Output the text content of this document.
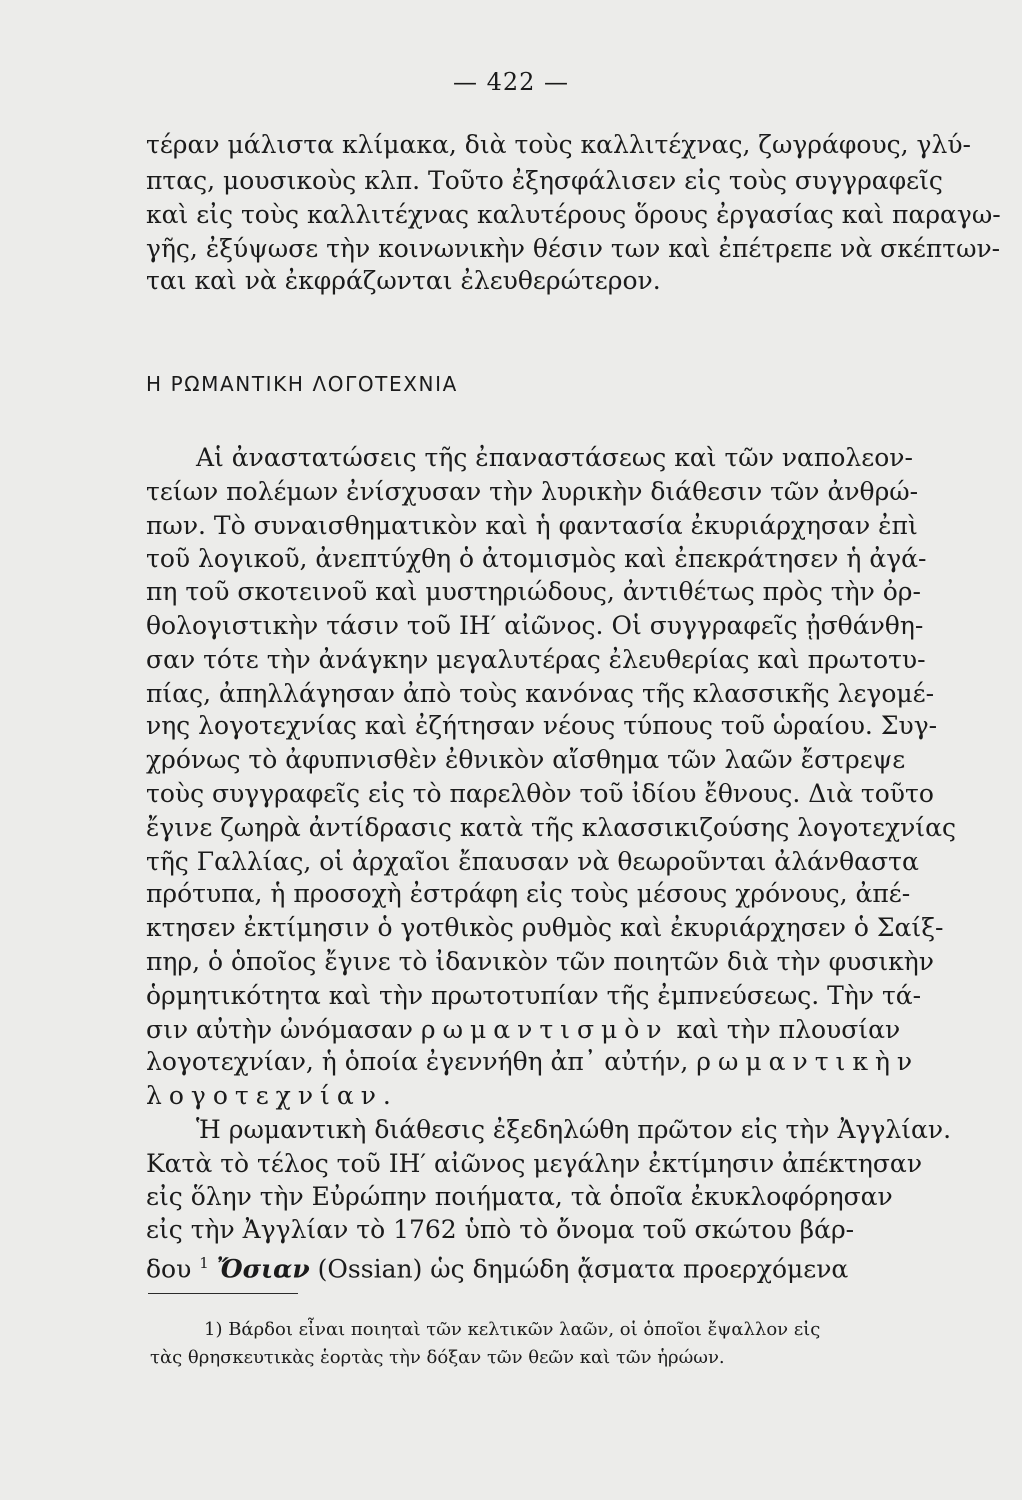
— 422 —
τέραν μάλιστα κλίμακα, διὰ τοὺς καλλιτέχνας, ζωγράφους, γλύ-
πτας, μουσικοὺς κλπ. Τοῦτο ἐξησφάλισεν εἰς τοὺς συγγραφεῖς
καὶ εἰς τοὺς καλλιτέχνας καλυτέρους ὅρους ἐργασίας καὶ παραγω-
γῆς, ἐξύψωσε τὴν κοινωνικὴν θέσιν των καὶ ἐπέτρεπε νὰ σκέπτων-
ται καὶ νὰ ἐκφράζωνται ἐλευθερώτερον.
Η ΡΩΜΑΝΤΙΚΗ ΛΟΓΟΤΕΧΝΙΑ
Αἱ ἀναστατώσεις τῆς ἐπαναστάσεως καὶ τῶν ναπολεον-
τείων πολέμων ἐνίσχυσαν τὴν λυρικὴν διάθεσιν τῶν ἀνθρώ-
πων. Τὸ συναισθηματικὸν καὶ ἡ φαντασία ἐκυριάρχησαν ἐπὶ
τοῦ λογικοῦ, ἀνεπτύχθη ὁ ἀτομισμὸς καὶ ἐπεκράτησεν ἡ ἀγά-
πη τοῦ σκοτεινοῦ καὶ μυστηριώδους, ἀντιθέτως πρὸς τὴν ὀρ-
θολογιστικὴν τάσιν τοῦ ΙΗ′ αἰῶνος. Οἱ συγγραφεῖς ᾐσθάνθη-
σαν τότε τὴν ἀνάγκην μεγαλυτέρας ἐλευθερίας καὶ πρωτοτυ-
πίας, ἀπηλλάγησαν ἀπὸ τοὺς κανόνας τῆς κλασσικῆς λεγομέ-
νης λογοτεχνίας καὶ ἐζήτησαν νέους τύπους τοῦ ὡραίου. Συγ-
χρόνως τὸ ἀφυπνισθὲν ἐθνικὸν αἴσθημα τῶν λαῶν ἔστρεψε
τοὺς συγγραφεῖς εἰς τὸ παρελθὸν τοῦ ἰδίου ἔθνους. Διὰ τοῦτο
ἔγινε ζωηρὰ ἀντίδρασις κατὰ τῆς κλασσικιζούσης λογοτεχνίας
τῆς Γαλλίας, οἱ ἀρχαῖοι ἔπαυσαν νὰ θεωροῦνται ἀλάνθαστα
πρότυπα, ἡ προσοχὴ ἐστράφη εἰς τοὺς μέσους χρόνους, ἀπέ-
κτησεν ἐκτίμησιν ὁ γοτθικὸς ρυθμὸς καὶ ἐκυριάρχησεν ὁ Σαίξ-
πηρ, ὁ ὁποῖος ἔγινε τὸ ἰδανικὸν τῶν ποιητῶν διὰ τὴν φυσικὴν
ὁρμητικότητα καὶ τὴν πρωτοτυπίαν τῆς ἐμπνεύσεως. Τὴν τά-
σιν αὐτὴν ὠνόμασαν ρωμαντισμὸν καὶ τὴν πλουσίαν
λογοτεχνίαν, ἡ ὁποία ἐγεννήθη ἀπ᾽ αὐτήν, ρωμαντικὴν
λογοτεχνίαν.
Ἡ ρωμαντικὴ διάθεσις ἐξεδηλώθη πρῶτον εἰς τὴν Ἀγγλίαν.
Κατὰ τὸ τέλος τοῦ ΙΗ′ αἰῶνος μεγάλην ἐκτίμησιν ἀπέκτησαν
εἰς ὅλην τὴν Εὐρώπην ποιήματα, τὰ ὁποῖα ἐκυκλοφόρησαν
εἰς τὴν Ἀγγλίαν τὸ 1762 ὑπὸ τὸ ὄνομα τοῦ σκώτου βάρ-
δου $^1$ Ὄσιαν (Ossian) ὡς δημώδη ᾄσματα προερχόμενα
1) Βάρδοι εἶναι ποιηταὶ τῶν κελτικῶν λαῶν, οἱ ὁποῖοι ἔψαλλον εἰς
τὰς θρησκευτικὰς ἑορτὰς τὴν δόξαν τῶν θεῶν καὶ τῶν ἡρώων.
